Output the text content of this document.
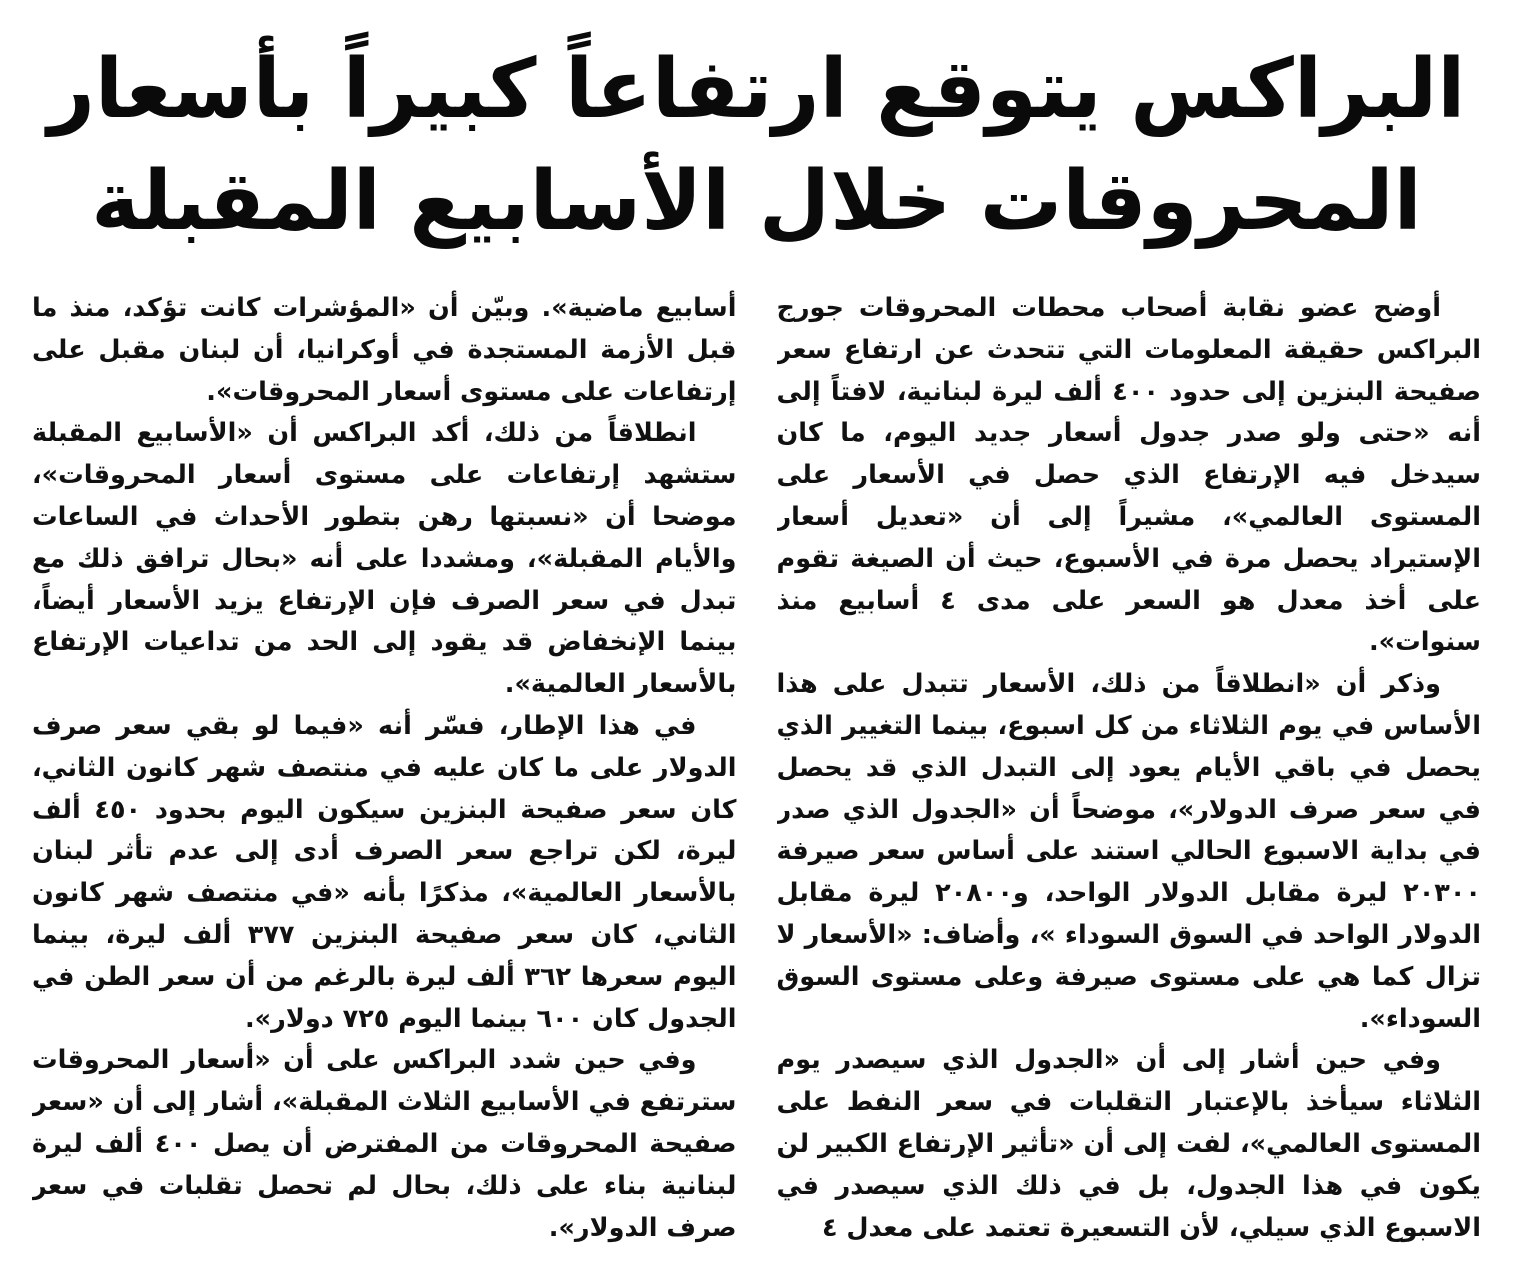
البراكس يتوقع ارتفاعاً كبيراً بأسعار
المحروقات خلال الأسابيع المقبلة

أوضح عضو نقابة أصحاب محطات المحروقات جورج البراكس حقيقة المعلومات التي تتحدث عن ارتفاع سعر صفيحة البنزين إلى حدود ٤٠٠ ألف ليرة لبنانية، لافتاً إلى أنه «حتى ولو صدر جدول أسعار جديد اليوم، ما كان سيدخل فيه الإرتفاع الذي حصل في الأسعار على المستوى العالمي»، مشيراً إلى أن «تعديل أسعار الإستيراد يحصل مرة في الأسبوع، حيث أن الصيغة تقوم على أخذ معدل هو السعر على مدى ٤ أسابيع منذ سنوات».

وذكر أن «انطلاقاً من ذلك، الأسعار تتبدل على هذا الأساس في يوم الثلاثاء من كل اسبوع، بينما التغيير الذي يحصل في باقي الأيام يعود إلى التبدل الذي قد يحصل في سعر صرف الدولار»، موضحاً أن «الجدول الذي صدر في بداية الاسبوع الحالي استند على أساس سعر صيرفة ٢٠٣٠٠ ليرة مقابل الدولار الواحد، و٢٠٨٠٠ ليرة مقابل الدولار الواحد في السوق السوداء »، وأضاف: «الأسعار لا تزال كما هي على مستوى صيرفة وعلى مستوى السوق السوداء».

وفي حين أشار إلى أن «الجدول الذي سيصدر يوم الثلاثاء سيأخذ بالإعتبار التقلبات في سعر النفط على المستوى العالمي»، لفت إلى أن «تأثير الإرتفاع الكبير لن يكون في هذا الجدول، بل في ذلك الذي سيصدر في الاسبوع الذي سيلي، لأن التسعيرة تعتمد على معدل ٤

أسابيع ماضية». وبيّن أن «المؤشرات كانت تؤكد، منذ ما قبل الأزمة المستجدة في أوكرانيا، أن لبنان مقبل على إرتفاعات على مستوى أسعار المحروقات».

انطلاقاً من ذلك، أكد البراكس أن «الأسابيع المقبلة ستشهد إرتفاعات على مستوى أسعار المحروقات»، موضحا أن «نسبتها رهن بتطور الأحداث في الساعات والأيام المقبلة»، ومشددا على أنه «بحال ترافق ذلك مع تبدل في سعر الصرف فإن الإرتفاع يزيد الأسعار أيضاً، بينما الإنخفاض قد يقود إلى الحد من تداعيات الإرتفاع بالأسعار العالمية».

في هذا الإطار، فسّر أنه «فيما لو بقي سعر صرف الدولار على ما كان عليه في منتصف شهر كانون الثاني، كان سعر صفيحة البنزين سيكون اليوم بحدود ٤٥٠ ألف ليرة، لكن تراجع سعر الصرف أدى إلى عدم تأثر لبنان بالأسعار العالمية»، مذكرًا بأنه «في منتصف شهر كانون الثاني، كان سعر صفيحة البنزين ٣٧٧ ألف ليرة، بينما اليوم سعرها ٣٦٢ ألف ليرة بالرغم من أن سعر الطن في الجدول كان ٦٠٠ بينما اليوم ٧٢٥ دولار».

وفي حين شدد البراكس على أن «أسعار المحروقات سترتفع في الأسابيع الثلاث المقبلة»، أشار إلى أن «سعر صفيحة المحروقات من المفترض أن يصل ٤٠٠ ألف ليرة لبنانية بناء على ذلك، بحال لم تحصل تقلبات في سعر صرف الدولار».
